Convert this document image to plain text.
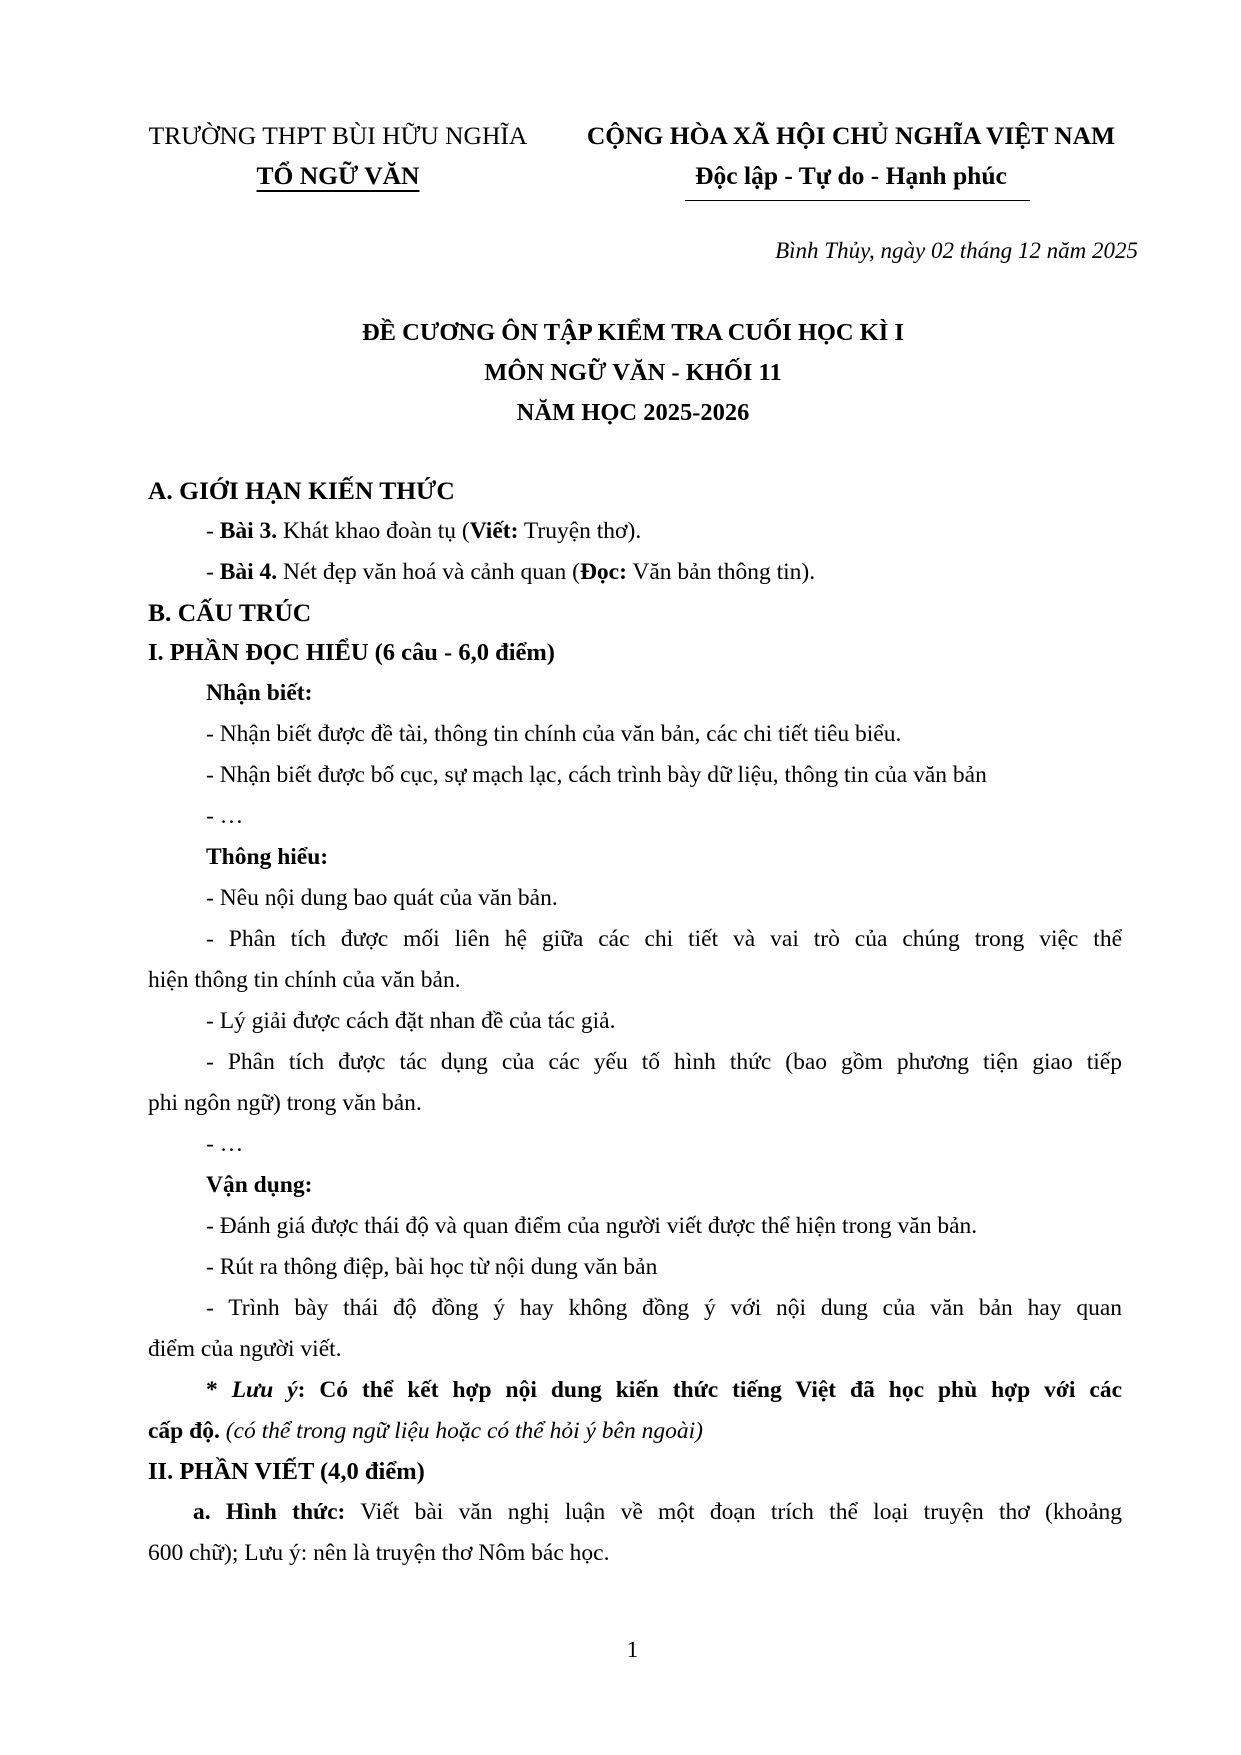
TRƯỜNG THPT BÙI HỮU NGHĨA
TỔ NGỮ VĂN
CỘNG HÒA XÃ HỘI CHỦ NGHĨA VIỆT NAM
Độc lập - Tự do - Hạnh phúc
Bình Thủy, ngày 02 tháng 12 năm 2025
ĐỀ CƯƠNG ÔN TẬP KIỂM TRA CUỐI HỌC KÌ I
MÔN NGỮ VĂN - KHỐI 11
NĂM HỌC 2025-2026
A. GIỚI HẠN KIẾN THỨC
- Bài 3. Khát khao đoàn tụ (Viết: Truyện thơ).
- Bài 4. Nét đẹp văn hoá và cảnh quan (Đọc: Văn bản thông tin).
B. CẤU TRÚC
I. PHẦN ĐỌC HIỂU (6 câu - 6,0 điểm)
Nhận biết:
- Nhận biết được đề tài, thông tin chính của văn bản, các chi tiết tiêu biểu.
- Nhận biết được bố cục, sự mạch lạc, cách trình bày dữ liệu, thông tin của văn bản
- …
Thông hiểu:
- Nêu nội dung bao quát của văn bản.
- Phân tích được mối liên hệ giữa các chi tiết và vai trò của chúng trong việc thể
hiện thông tin chính của văn bản.
- Lý giải được cách đặt nhan đề của tác giả.
- Phân tích được tác dụng của các yếu tố hình thức (bao gồm phương tiện giao tiếp
phi ngôn ngữ) trong văn bản.
- …
Vận dụng:
- Đánh giá được thái độ và quan điểm của người viết được thể hiện trong văn bản.
- Rút ra thông điệp, bài học từ nội dung văn bản
- Trình bày thái độ đồng ý hay không đồng ý với nội dung của văn bản hay quan
điểm của người viết.
* Lưu ý: Có thể kết hợp nội dung kiến thức tiếng Việt đã học phù hợp với các
cấp độ. (có thể trong ngữ liệu hoặc có thể hỏi ý bên ngoài)
II. PHẦN VIẾT (4,0 điểm)
a. Hình thức: Viết bài văn nghị luận về một đoạn trích thể loại truyện thơ (khoảng
600 chữ); Lưu ý: nên là truyện thơ Nôm bác học.
1
